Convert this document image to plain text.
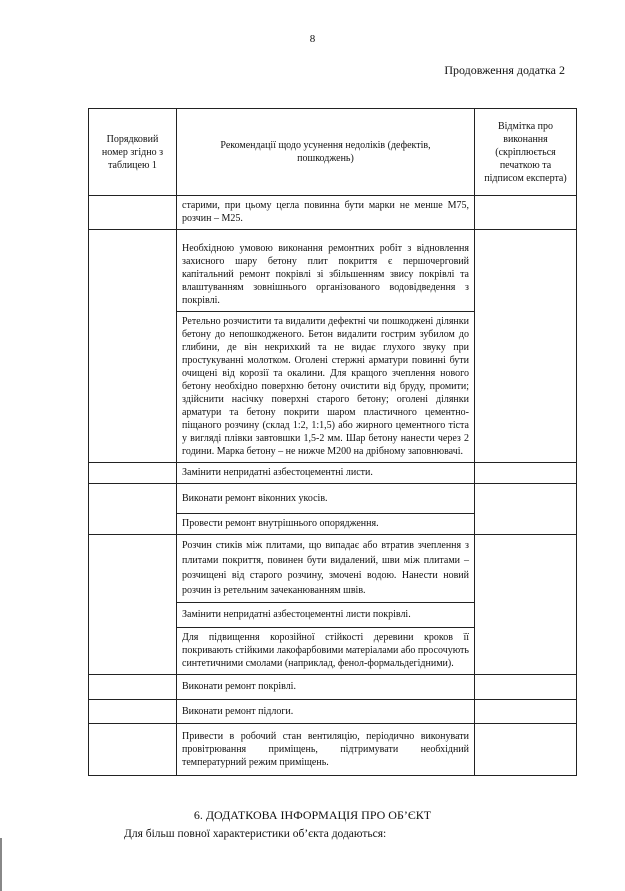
8
Продовження додатка 2
Порядковий номер згідно з таблицею 1	Рекомендації щодо усунення недоліків (дефектів, пошкоджень)	Відмітка про виконання (скріплюється печаткою та підписом експерта)

	старими, при цьому цегла повинна бути марки не менше М75, розчин – М25.	

	Необхідною умовою виконання ремонтних робіт з відновлення захисного шару бетону плит покриття є першочерговий капітальний ремонт покрівлі зі збільшенням звису покрівлі та влаштуванням зовнішнього організованого водовідведення з покрівлі.
Ретельно розчистити та видалити дефектні чи пошкоджені ділянки бетону до непошкодженого. Бетон видалити гострим зубилом до глибини, де він некрихкий та не видає глухого звуку при простукуванні молотком. Оголені стержні арматури повинні бути очищені від корозії та окалини. Для кращого зчеплення нового бетону необхідно поверхню бетону очистити від бруду, промити; здійснити насічку поверхні старого бетону; оголені ділянки арматури та бетону покрити шаром пластичного цементно-піщаного розчину (склад 1:2, 1:1,5) або жирного цементного тіста у вигляді плівки завтовшки 1,5-2 мм. Шар бетону нанести через 2 години. Марка бетону – не нижче М200 на дрібному заповнювачі.	

	Замінити непридатні азбестоцементні листи.	

	Виконати ремонт віконних укосів.
Провести ремонт внутрішнього опорядження.	

	Розчин стиків між плитами, що випадає або втратив зчеплення з плитами покриття, повинен бути видалений, шви між плитами – розчищені від старого розчину, змочені водою. Нанести новий розчин із ретельним зачеканюванням швів.
Замінити непридатні азбестоцементні листи покрівлі.
Для підвищення корозійної стійкості деревини кроков її покривають стійкими лакофарбовими матеріалами або просочують синтетичними смолами (наприклад, фенол-формальдегідними).	

	Виконати ремонт покрівлі.	

	Виконати ремонт підлоги.	

	Привести в робочий стан вентиляцію, періодично виконувати провітрювання приміщень, підтримувати необхідний температурний режим приміщень.	

6. ДОДАТКОВА ІНФОРМАЦІЯ ПРО ОБ’ЄКТ
Для більш повної характеристики об’єкта додаються:
